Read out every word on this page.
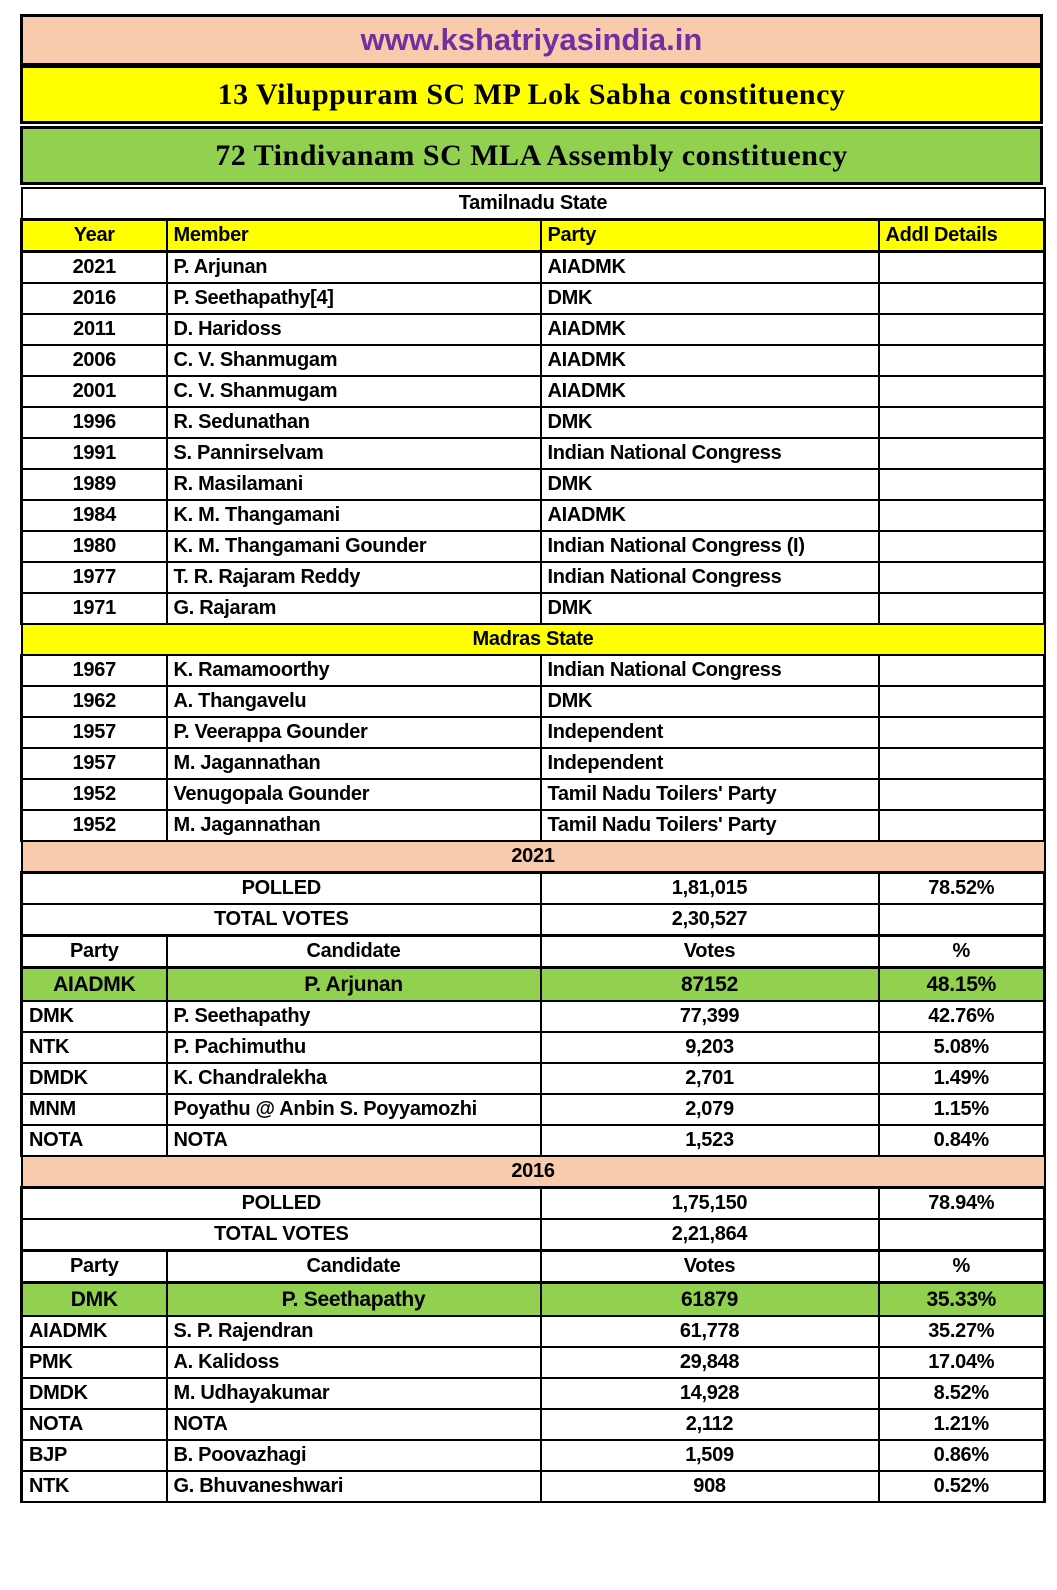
www.kshatriyasindia.in
13 Viluppuram SC MP Lok Sabha constituency
72 Tindivanam SC MLA Assembly constituency
Tamilnadu State			
Year	Member	Party	Addl Details
2021	P. Arjunan	AIADMK	
2016	P. Seethapathy[4]	DMK	
2011	D. Haridoss	AIADMK	
2006	C. V. Shanmugam	AIADMK	
2001	C. V. Shanmugam	AIADMK	
1996	R. Sedunathan	DMK	
1991	S. Pannirselvam	Indian National Congress	
1989	R. Masilamani	DMK	
1984	K. M. Thangamani	AIADMK	
1980	K. M. Thangamani Gounder	Indian National Congress (I)	
1977	T. R. Rajaram Reddy	Indian National Congress	
1971	G. Rajaram	DMK	
Madras State			
1967	K. Ramamoorthy	Indian National Congress	
1962	A. Thangavelu	DMK	
1957	P. Veerappa Gounder	Independent	
1957	M. Jagannathan	Independent	
1952	Venugopala Gounder	Tamil Nadu Toilers' Party	
1952	M. Jagannathan	Tamil Nadu Toilers' Party	
2021			
POLLED		1,81,015	78.52%
TOTAL VOTES		2,30,527	
Party	Candidate	Votes	%
AIADMK	P. Arjunan	87152	48.15%
DMK	P. Seethapathy	77,399	42.76%
NTK	P. Pachimuthu	9,203	5.08%
DMDK	K. Chandralekha	2,701	1.49%
MNM	Poyathu @ Anbin S. Poyyamozhi	2,079	1.15%
NOTA	NOTA	1,523	0.84%
2016			
POLLED		1,75,150	78.94%
TOTAL VOTES		2,21,864	
Party	Candidate	Votes	%
DMK	P. Seethapathy	61879	35.33%
AIADMK	S. P. Rajendran	61,778	35.27%
PMK	A. Kalidoss	29,848	17.04%
DMDK	M. Udhayakumar	14,928	8.52%
NOTA	NOTA	2,112	1.21%
BJP	B. Poovazhagi	1,509	0.86%
NTK	G. Bhuvaneshwari	908	0.52%
